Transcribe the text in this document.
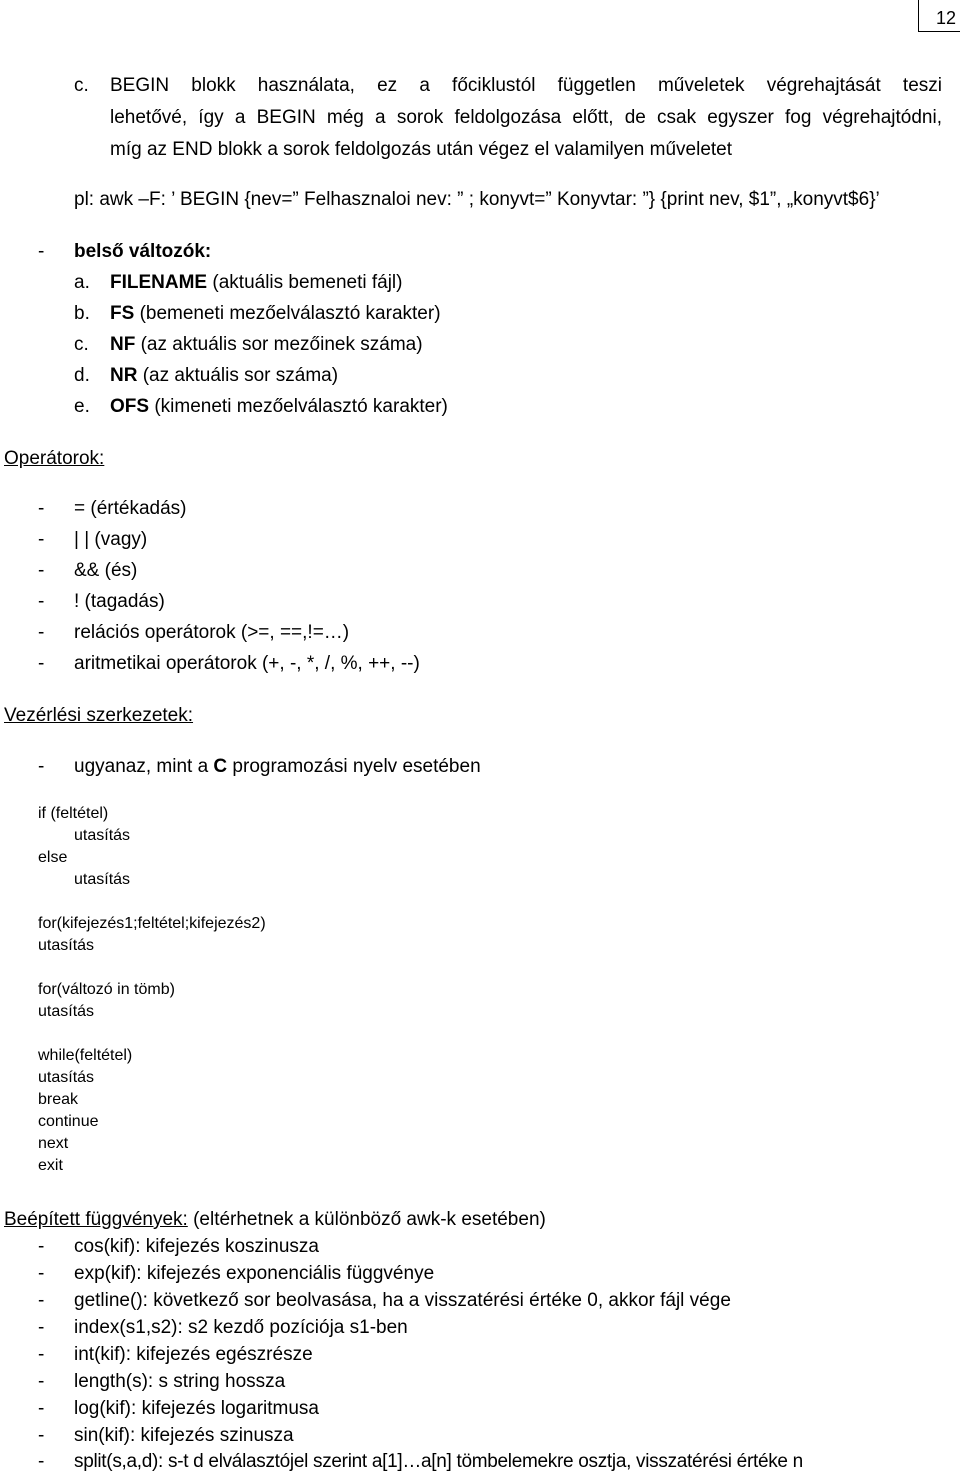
12
c. BEGIN blokk használata, ez a főciklustól független műveletek végrehajtását teszi
lehetővé, így a BEGIN még a sorok feldolgozása előtt, de csak egyszer fog végrehajtódni,
míg az END blokk a sorok feldolgozás után végez el valamilyen műveletet
pl: awk –F: ’ BEGIN {nev=” Felhasznaloi nev: ” ; konyvt=” Konyvtar: ”} {print nev, $1”, „konyvt$6}’
- belső változók:
a. FILENAME (aktuális bemeneti fájl)
b. FS (bemeneti mezőelválasztó karakter)
c. NF (az aktuális sor mezőinek száma)
d. NR (az aktuális sor száma)
e. OFS (kimeneti mezőelválasztó karakter)
Operátorok:
- = (értékadás)
- | | (vagy)
- && (és)
- ! (tagadás)
- relációs operátorok (>=, ==,!=…)
- aritmetikai operátorok (+, -, *, /, %, ++, --)
Vezérlési szerkezetek:
- ugyanaz, mint a C programozási nyelv esetében
if (feltétel)
utasítás
else
utasítás
for(kifejezés1;feltétel;kifejezés2)
utasítás
for(változó in tömb)
utasítás
while(feltétel)
utasítás
break
continue
next
exit
Beépített függvények: (eltérhetnek a különböző awk-k esetében)
- cos(kif): kifejezés koszinusza
- exp(kif): kifejezés exponenciális függvénye
- getline(): következő sor beolvasása, ha a visszatérési értéke 0, akkor fájl vége
- index(s1,s2): s2 kezdő pozíciója s1-ben
- int(kif): kifejezés egészrésze
- length(s): s string hossza
- log(kif): kifejezés logaritmusa
- sin(kif): kifejezés szinusza
- split(s,a,d): s-t d elválasztójel szerint a[1]…a[n] tömbelemekre osztja, visszatérési értéke n
